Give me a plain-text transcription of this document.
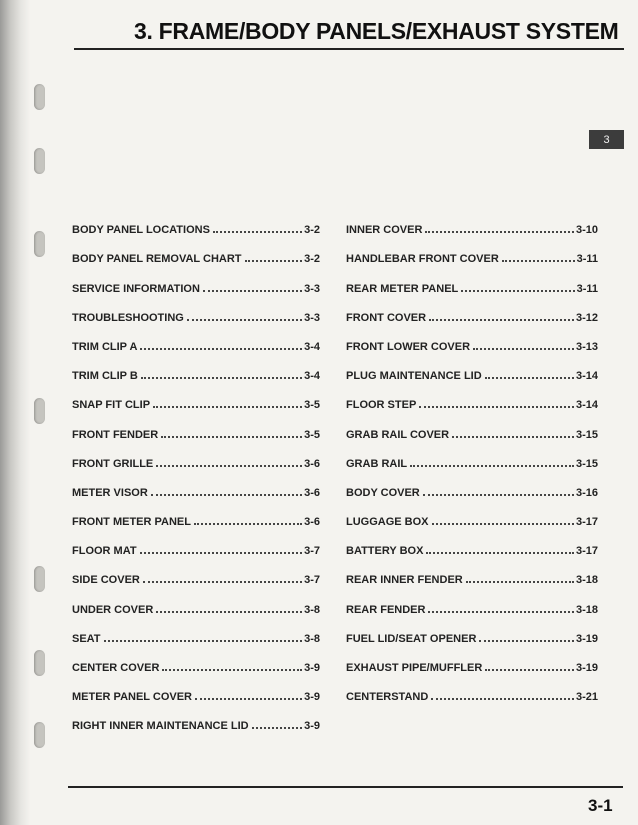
3. FRAME/BODY PANELS/EXHAUST SYSTEM
3
BODY PANEL LOCATIONS	3-2
BODY PANEL REMOVAL CHART	3-2
SERVICE INFORMATION	3-3
TROUBLESHOOTING	3-3
TRIM CLIP A	3-4
TRIM CLIP B	3-4
SNAP FIT CLIP	3-5
FRONT FENDER	3-5
FRONT GRILLE	3-6
METER VISOR	3-6
FRONT METER PANEL	3-6
FLOOR MAT	3-7
SIDE COVER	3-7
UNDER COVER	3-8
SEAT	3-8
CENTER COVER	3-9
METER PANEL COVER	3-9
RIGHT INNER MAINTENANCE LID	3-9
INNER COVER	3-10
HANDLEBAR FRONT COVER	3-11
REAR METER PANEL	3-11
FRONT COVER	3-12
FRONT LOWER COVER	3-13
PLUG MAINTENANCE LID	3-14
FLOOR STEP	3-14
GRAB RAIL COVER	3-15
GRAB RAIL	3-15
BODY COVER	3-16
LUGGAGE BOX	3-17
BATTERY BOX	3-17
REAR INNER FENDER	3-18
REAR FENDER	3-18
FUEL LID/SEAT OPENER	3-19
EXHAUST PIPE/MUFFLER	3-19
CENTERSTAND	3-21
3-1
